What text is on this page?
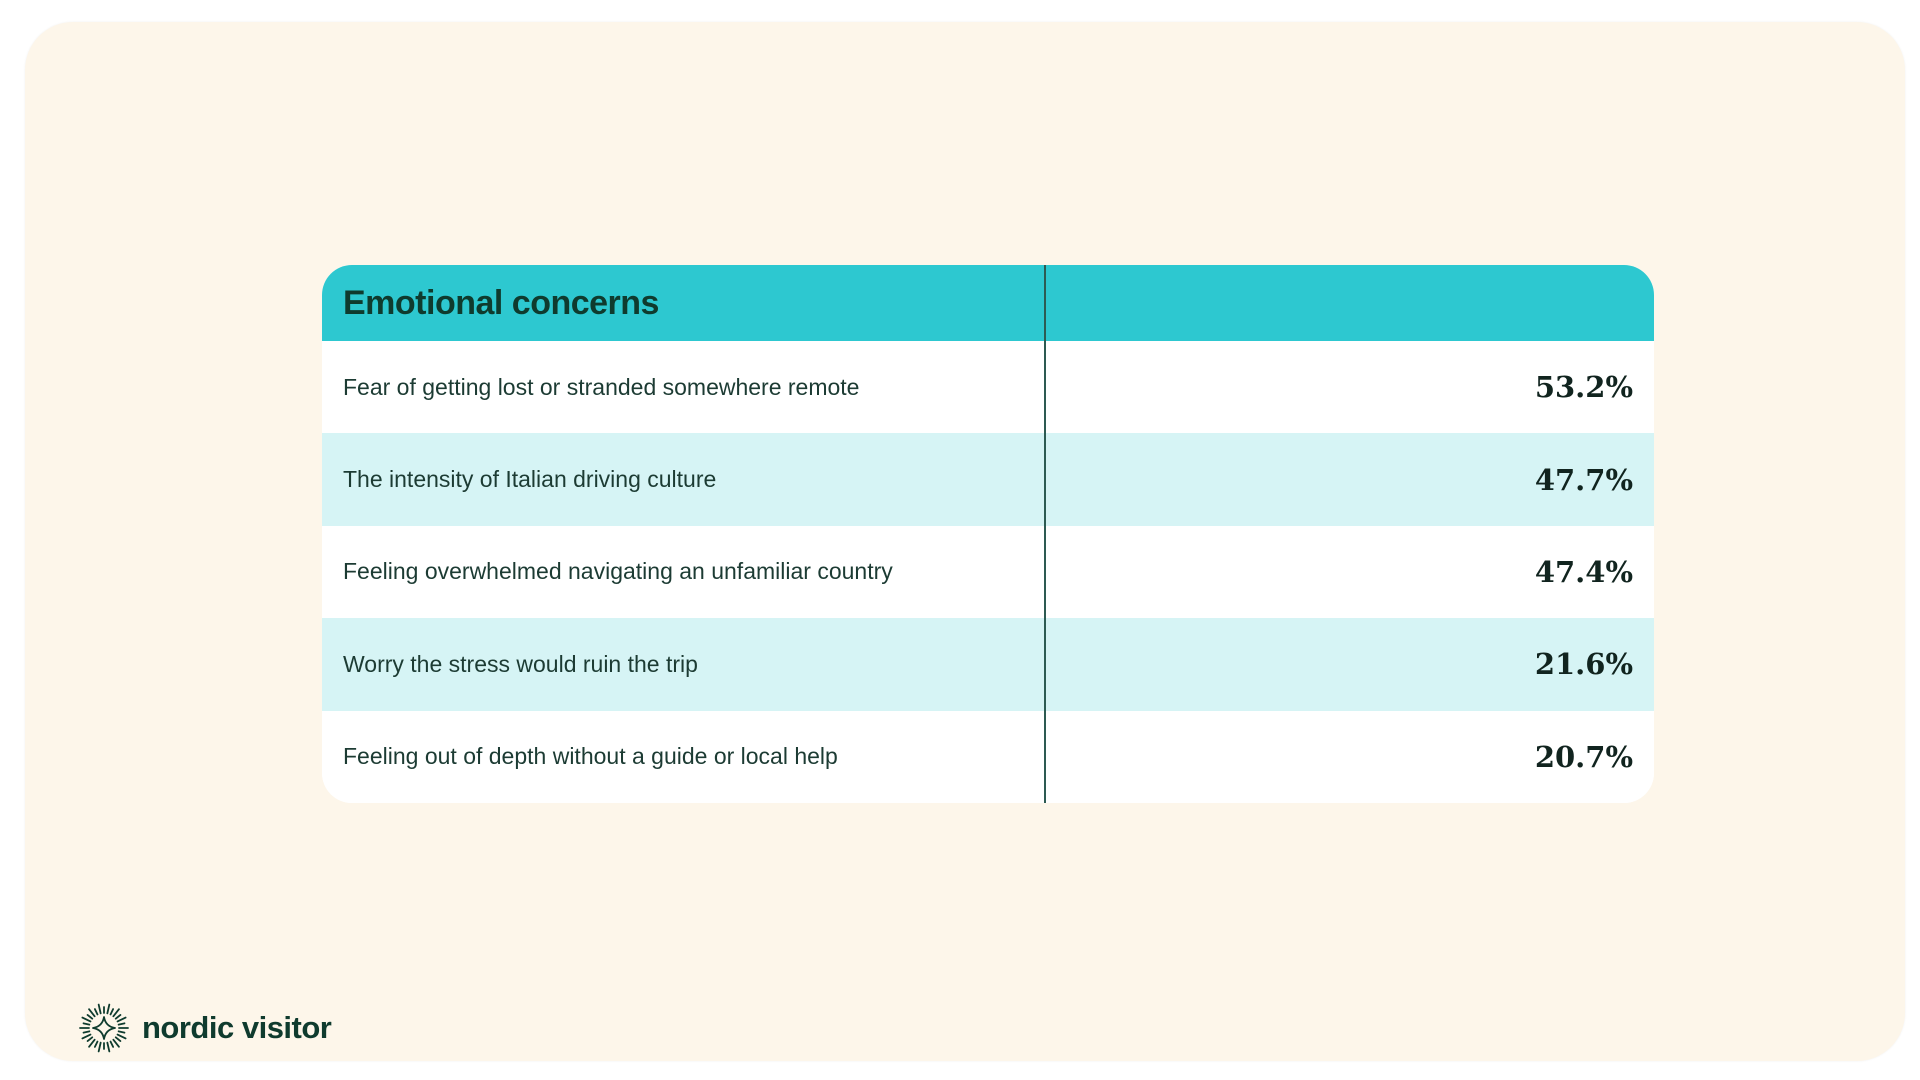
Emotional concerns
Fear of getting lost or stranded somewhere remote	53.2%
The intensity of Italian driving culture	47.7%
Feeling overwhelmed navigating an unfamiliar country	47.4%
Worry the stress would ruin the trip	21.6%
Feeling out of depth without a guide or local help	20.7%
nordic visitor
